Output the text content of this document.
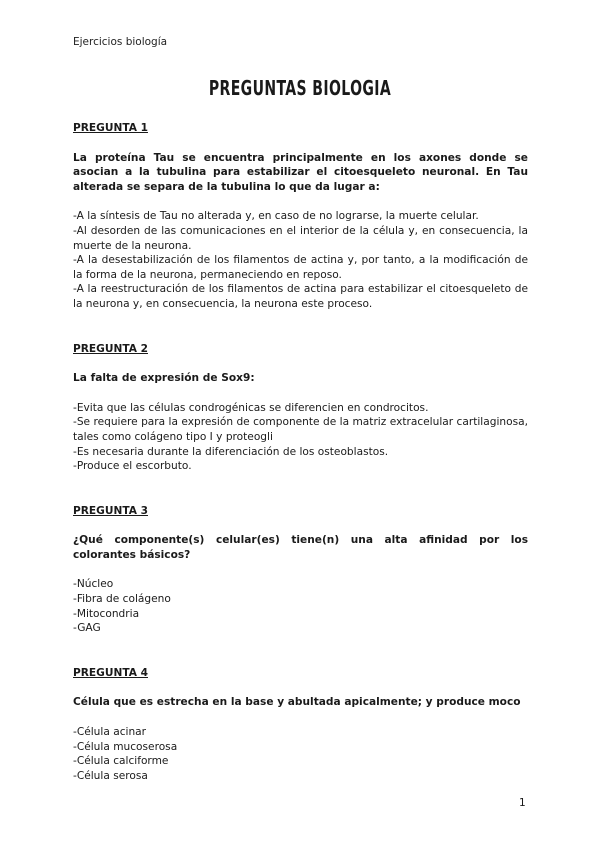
Ejercicios biología
PREGUNTAS BIOLOGIA

PREGUNTA 1

La proteína Tau se encuentra principalmente en los axones donde se asocian a la tubulina para estabilizar el citoesqueleto neuronal. En Tau alterada se separa de la tubulina lo que da lugar a:

-A la síntesis de Tau no alterada y, en caso de no lograrse, la muerte celular.

-Al desorden de las comunicaciones en el interior de la célula y, en consecuencia, la muerte de la neurona.

-A la desestabilización de los filamentos de actina y, por tanto, a la modificación de la forma de la neurona, permaneciendo en reposo.

-A la reestructuración de los filamentos de actina para estabilizar el citoesqueleto de la neurona y, en consecuencia, la neurona este proceso.

PREGUNTA 2

La falta de expresión de Sox9:

-Evita que las células condrogénicas se diferencien en condrocitos.

-Se requiere para la expresión de componente de la matriz extracelular cartilaginosa, tales como colágeno tipo I y proteogli

-Es necesaria durante la diferenciación de los osteoblastos.

-Produce el escorbuto.

PREGUNTA 3

¿Qué componente(s) celular(es) tiene(n) una alta afinidad por los colorantes básicos?

-Núcleo

-Fibra de colágeno

-Mitocondria

-GAG

PREGUNTA 4

Célula que es estrecha en la base y abultada apicalmente; y produce moco

-Célula acinar

-Célula mucoserosa

-Célula calciforme

-Célula serosa

1
